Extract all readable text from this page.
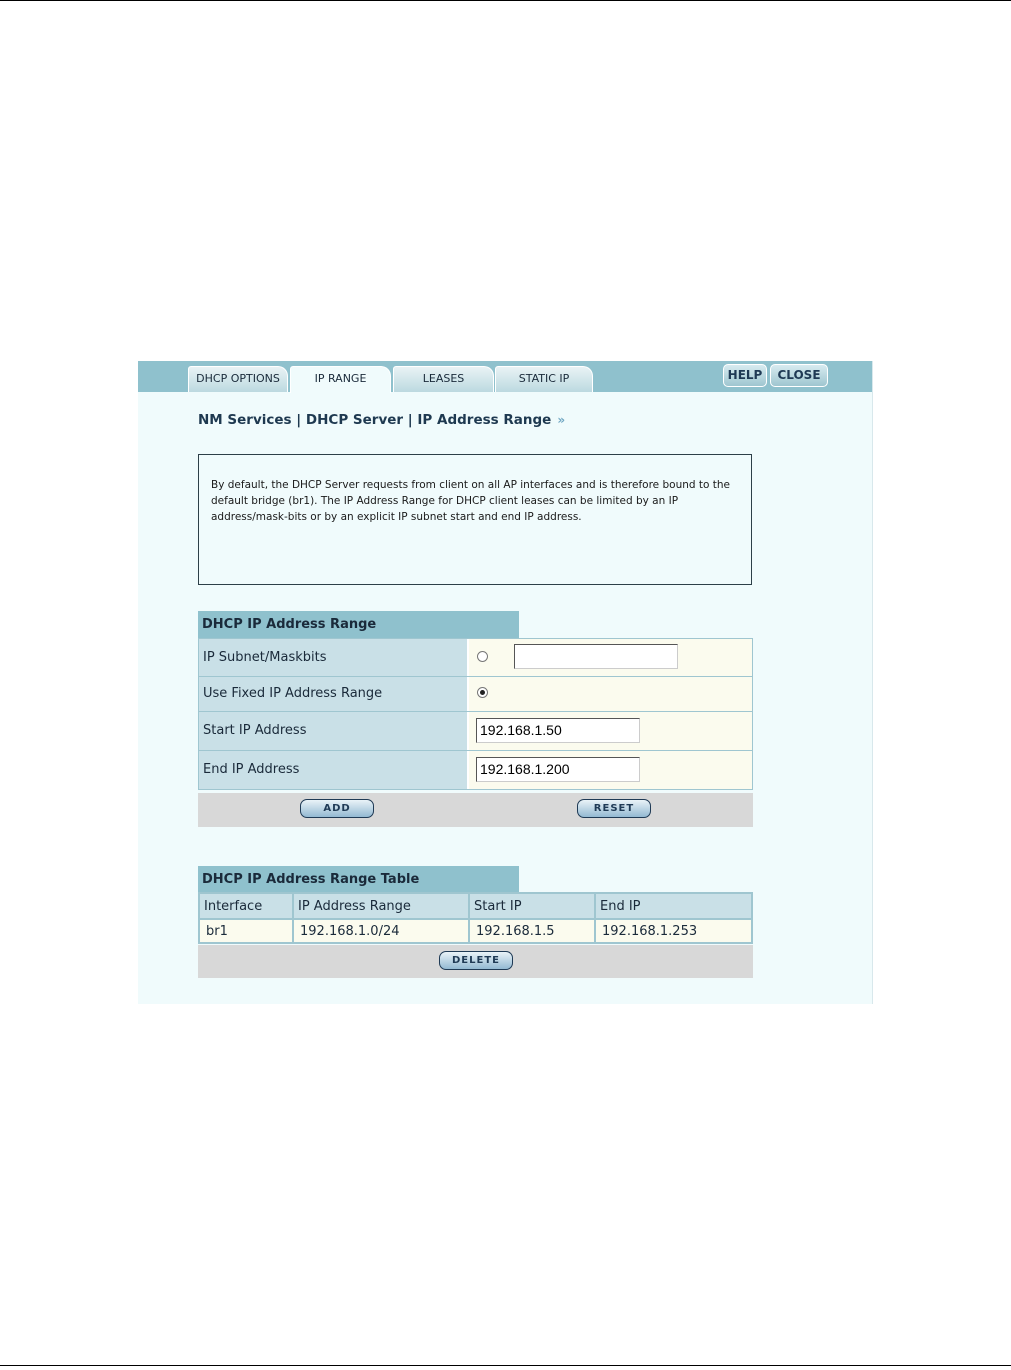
DHCP OPTIONS	IP RANGE	LEASES	STATIC IP	HELP	CLOSE
NM Services | DHCP Server | IP Address Range »
By default, the DHCP Server requests from client on all AP interfaces and is therefore bound to the default bridge (br1). The IP Address Range for DHCP client leases can be limited by an IP address/mask-bits or by an explicit IP subnet start and end IP address.
DHCP IP Address Range
IP Subnet/Maskbits
Use Fixed IP Address Range
Start IP Address	192.168.1.50
End IP Address	192.168.1.200
ADD	RESET
DHCP IP Address Range Table
Interface	IP Address Range	Start IP	End IP
br1	192.168.1.0/24	192.168.1.5	192.168.1.253
DELETE
